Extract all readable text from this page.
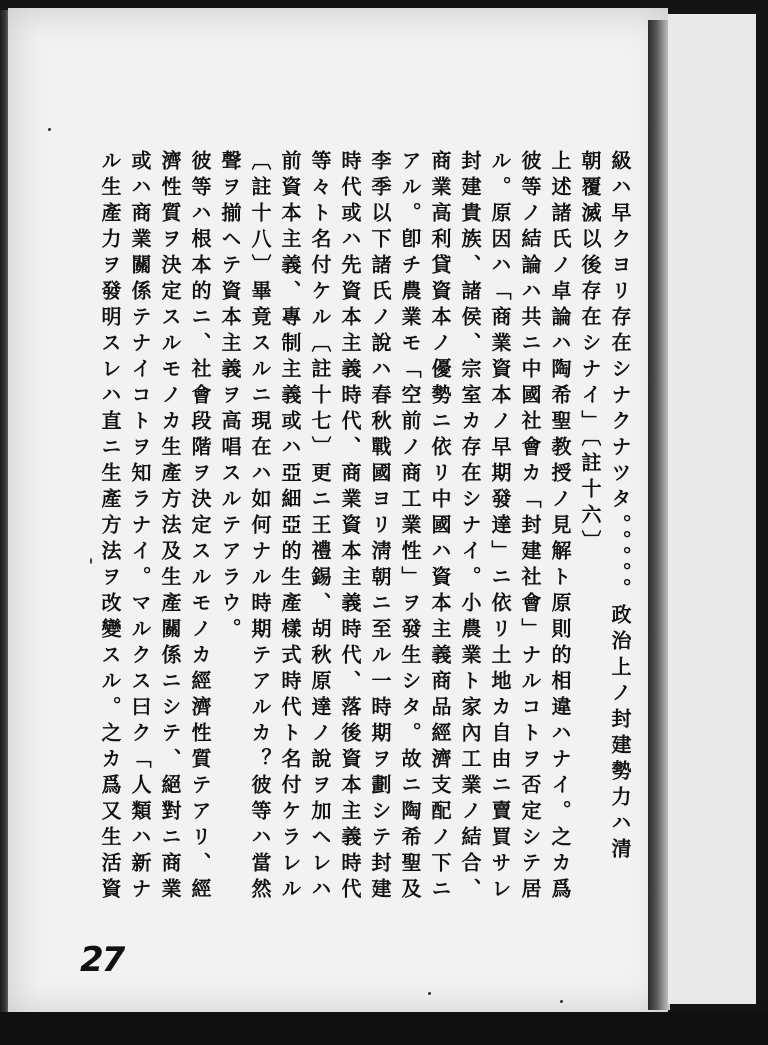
級ハ早クヨリ存在シナクナツタ。。。。。政治上ノ封建勢力ハ清
朝覆滅以後存在シナイ」〔註十六〕
上述諸氏ノ卓論ハ陶希聖教授ノ見解ト原則的相違ハナイ。之カ爲
彼等ノ結論ハ共ニ中國社會カ「封建社會」ナルコトヲ否定シテ居
ル。原因ハ「商業資本ノ早期發達」ニ依リ土地カ自由ニ賣買サレ
封建貴族、諸侯、宗室カ存在シナイ。小農業ト家內工業ノ結合、
商業高利貸資本ノ優勢ニ依リ中國ハ資本主義商品經濟支配ノ下ニ
アル。卽チ農業モ「空前ノ商工業性」ヲ發生シタ。故ニ陶希聖及
李季以下諸氏ノ說ハ春秋戰國ヨリ淸朝ニ至ル一時期ヲ劃シテ封建
時代或ハ先資本主義時代、商業資本主義時代、落後資本主義時代
等々ト名付ケル〔註十七〕更ニ王禮錫、胡秋原達ノ說ヲ加ヘレハ
前資本主義、專制主義或ハ亞細亞的生產樣式時代ト名付ケラレル
〔註十八〕畢竟スルニ現在ハ如何ナル時期テアルカ？彼等ハ當然
聲ヲ揃ヘテ資本主義ヲ高唱スルテアラウ。
彼等ハ根本的ニ、社會段階ヲ決定スルモノカ經濟性質テアリ、經
濟性質ヲ決定スルモノカ生產方法及生產關係ニシテ、絕對ニ商業
或ハ商業關係テナイコトヲ知ラナイ。マルクス曰ク「人類ハ新ナ
ル生產力ヲ發明スレハ直ニ生產方法ヲ改變スル。之カ爲又生活資
27
